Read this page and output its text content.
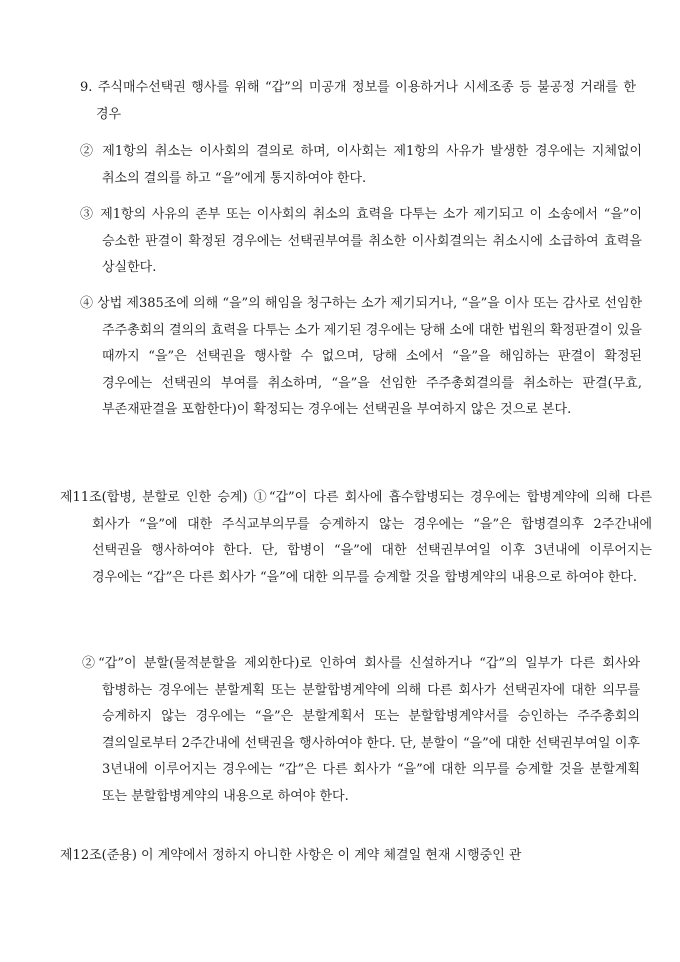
9. 주식매수선택권 행사를 위해 “갑”의 미공개 정보를 이용하거나 시세조종 등 불공정 거래를 한 경우

② 제1항의 취소는 이사회의 결의로 하며, 이사회는 제1항의 사유가 발생한 경우에는 지체없이 취소의 결의를 하고 “을”에게 통지하여야 한다.

③ 제1항의 사유의 존부 또는 이사회의 취소의 효력을 다투는 소가 제기되고 이 소송에서 “을”이 승소한 판결이 확정된 경우에는 선택권부여를 취소한 이사회결의는 취소시에 소급하여 효력을 상실한다.

④ 상법 제385조에 의해 “을”의 해임을 청구하는 소가 제기되거나, “을”을 이사 또는 감사로 선임한 주주총회의 결의의 효력을 다투는 소가 제기된 경우에는 당해 소에 대한 법원의 확정판결이 있을 때까지 “을”은 선택권을 행사할 수 없으며, 당해 소에서 “을”을 해임하는 판결이 확정된 경우에는 선택권의 부여를 취소하며, “을”을 선임한 주주총회결의를 취소하는 판결(무효, 부존재판결을 포함한다)이 확정되는 경우에는 선택권을 부여하지 않은 것으로 본다.

제11조(합병, 분할로 인한 승계) ①“갑”이 다른 회사에 흡수합병되는 경우에는 합병계약에 의해 다른 회사가 “을”에 대한 주식교부의무를 승계하지 않는 경우에는 “을”은 합병결의후 2주간내에 선택권을 행사하여야 한다. 단, 합병이 “을”에 대한 선택권부여일 이후 3년내에 이루어지는 경우에는 “갑”은 다른 회사가 “을”에 대한 의무를 승계할 것을 합병계약의 내용으로 하여야 한다.

②“갑”이 분할(물적분할을 제외한다)로 인하여 회사를 신설하거나 “갑”의 일부가 다른 회사와 합병하는 경우에는 분할계획 또는 분할합병계약에 의해 다른 회사가 선택권자에 대한 의무를 승계하지 않는 경우에는 “을”은 분할계획서 또는 분할합병계약서를 승인하는 주주총회의 결의일로부터 2주간내에 선택권을 행사하여야 한다. 단, 분할이 “을”에 대한 선택권부여일 이후 3년내에 이루어지는 경우에는 “갑”은 다른 회사가 “을”에 대한 의무를 승계할 것을 분할계획 또는 분할합병계약의 내용으로 하여야 한다.

제12조(준용) 이 계약에서 정하지 아니한 사항은 이 계약 체결일 현재 시행중인 관
